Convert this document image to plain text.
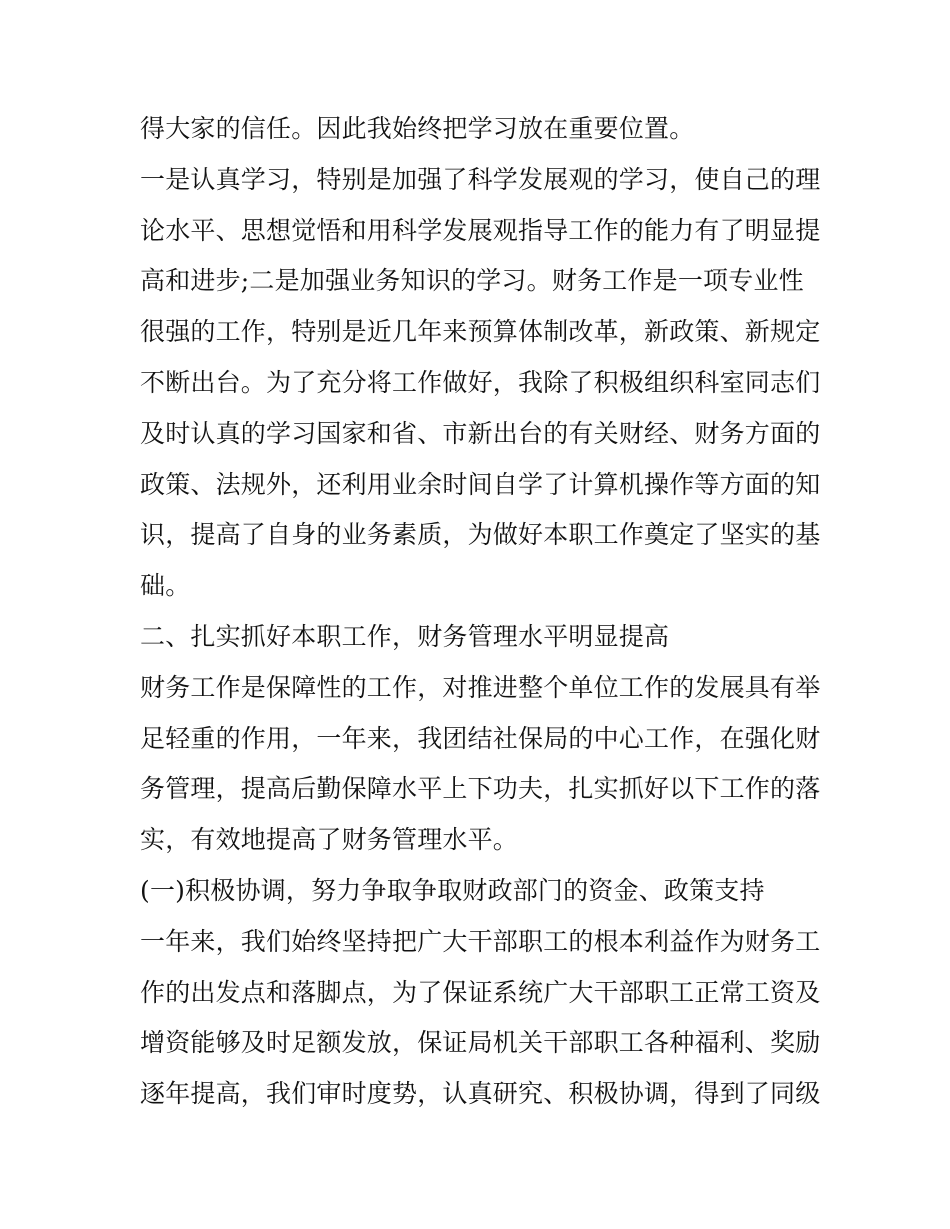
得大家的信任。因此我始终把学习放在重要位置。
一是认真学习，特别是加强了科学发展观的学习，使自己的理
论水平、思想觉悟和用科学发展观指导工作的能力有了明显提
高和进步;二是加强业务知识的学习。财务工作是一项专业性
很强的工作，特别是近几年来预算体制改革，新政策、新规定
不断出台。为了充分将工作做好，我除了积极组织科室同志们
及时认真的学习国家和省、市新出台的有关财经、财务方面的
政策、法规外，还利用业余时间自学了计算机操作等方面的知
识，提高了自身的业务素质，为做好本职工作奠定了坚实的基
础。
二、扎实抓好本职工作，财务管理水平明显提高
财务工作是保障性的工作，对推进整个单位工作的发展具有举
足轻重的作用，一年来，我团结社保局的中心工作，在强化财
务管理，提高后勤保障水平上下功夫，扎实抓好以下工作的落
实，有效地提高了财务管理水平。
(一)积极协调，努力争取争取财政部门的资金、政策支持
一年来，我们始终坚持把广大干部职工的根本利益作为财务工
作的出发点和落脚点，为了保证系统广大干部职工正常工资及
增资能够及时足额发放，保证局机关干部职工各种福利、奖励
逐年提高，我们审时度势，认真研究、积极协调，得到了同级
